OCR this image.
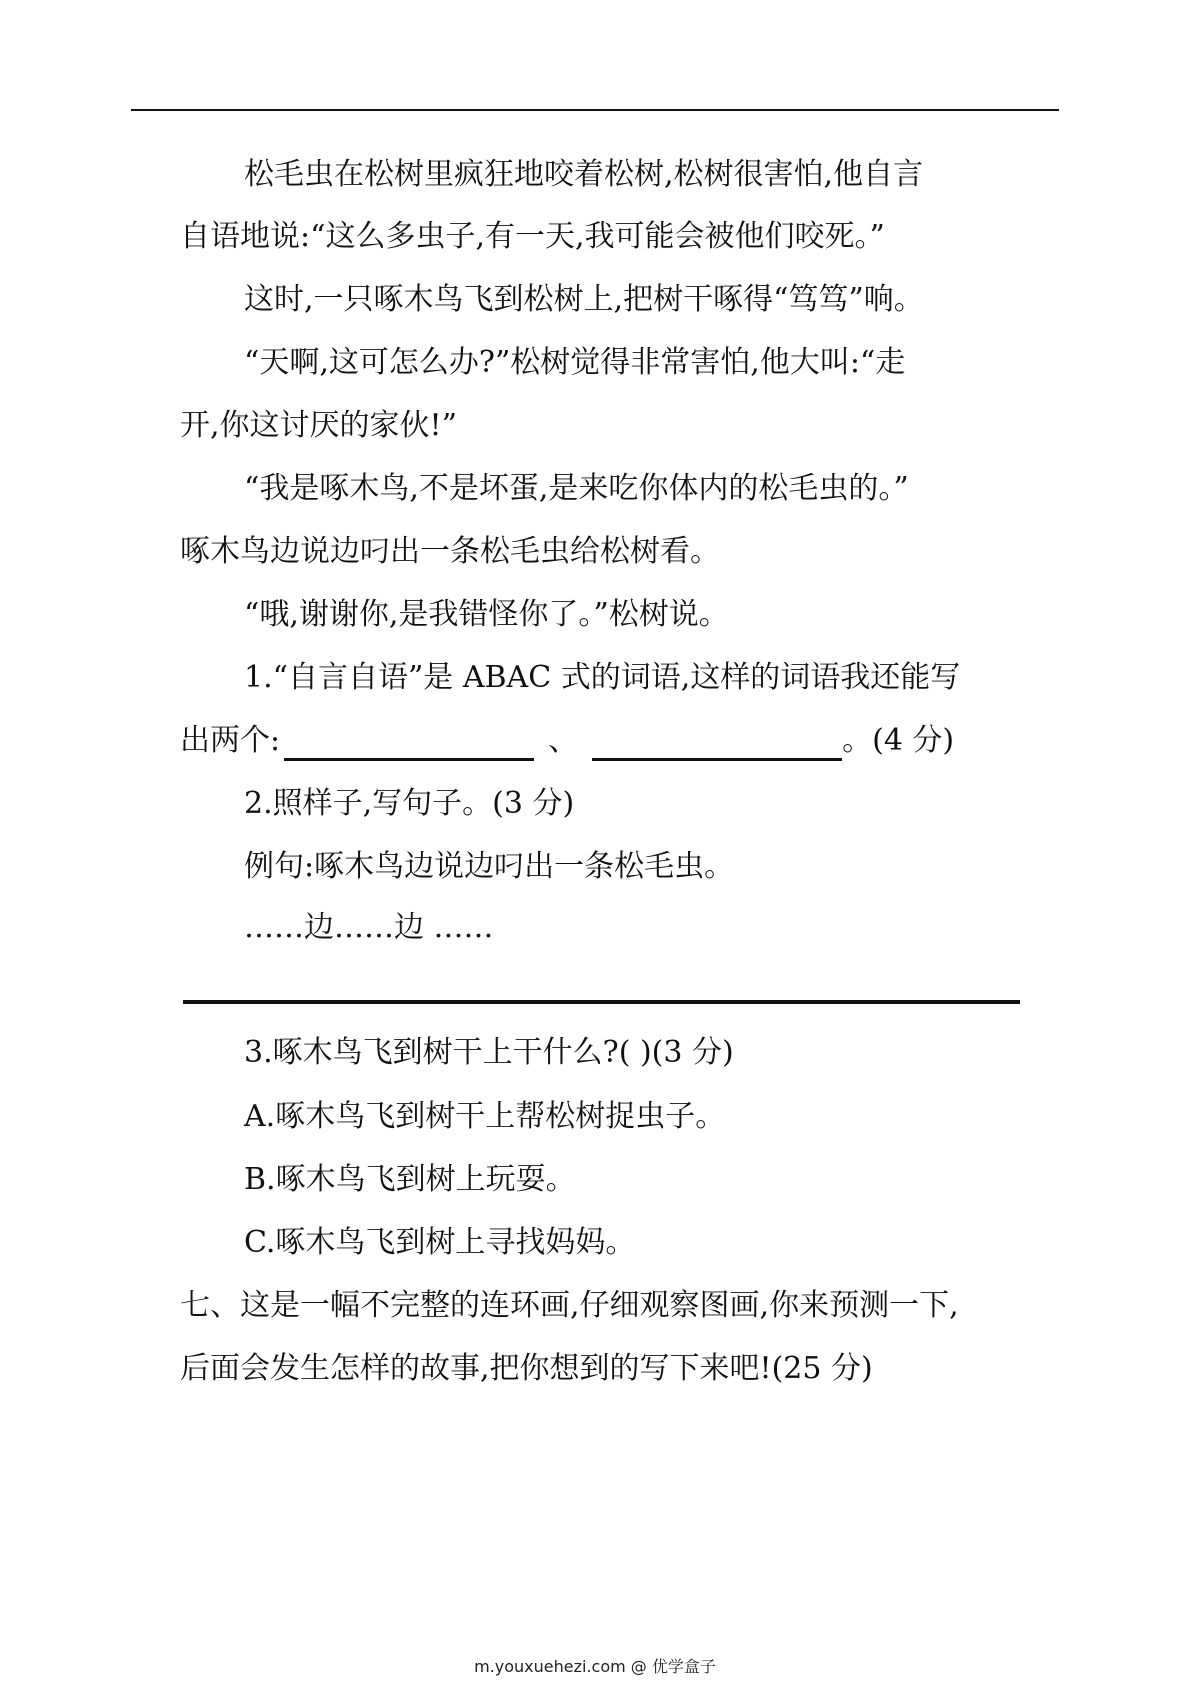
松毛虫在松树里疯狂地咬着松树,松树很害怕,他自言
自语地说:“这么多虫子,有一天,我可能会被他们咬死。”
这时,一只啄木鸟飞到松树上,把树干啄得“笃笃”响。
“天啊,这可怎么办?”松树觉得非常害怕,他大叫:“走
开,你这讨厌的家伙!”
“我是啄木鸟,不是坏蛋,是来吃你体内的松毛虫的。”
啄木鸟边说边叼出一条松毛虫给松树看。
“哦,谢谢你,是我错怪你了。”松树说。
1.“自言自语”是 ABAC 式的词语,这样的词语我还能写
出两个:	、	。(4 分)
2.照样子,写句子。(3 分)
例句:啄木鸟边说边叼出一条松毛虫。
……边……边 ……
3.啄木鸟飞到树干上干什么?( )(3 分)
A.啄木鸟飞到树干上帮松树捉虫子。
B.啄木鸟飞到树上玩耍。
C.啄木鸟飞到树上寻找妈妈。
七、这是一幅不完整的连环画,仔细观察图画,你来预测一下,
后面会发生怎样的故事,把你想到的写下来吧!(25 分)
m.youxuehezi.com @ 优学盒子
